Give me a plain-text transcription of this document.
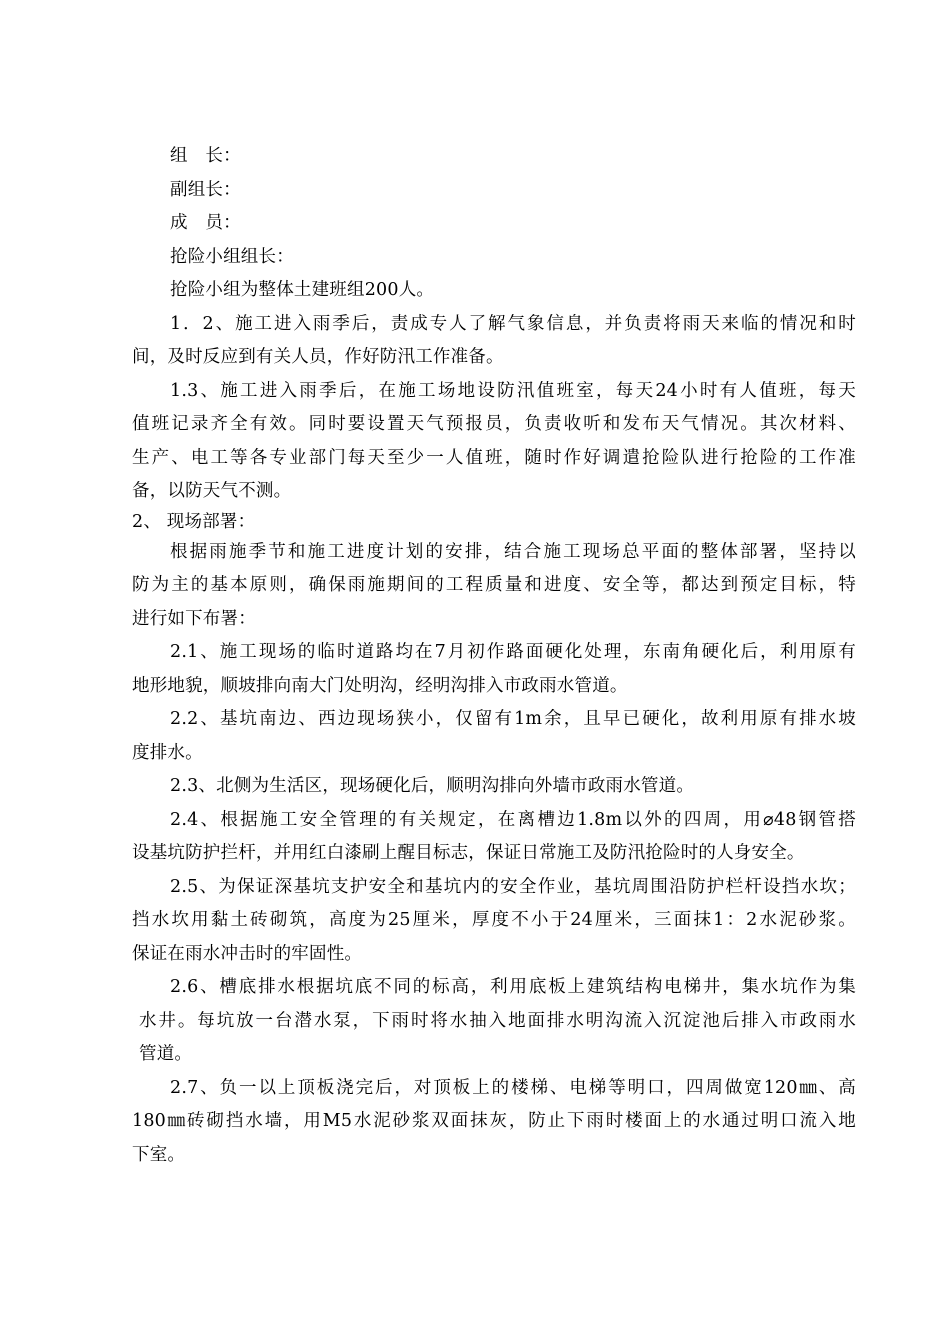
组　长：
副组长：
成　员：
抢险小组组长：
抢险小组为整体土建班组200人。
1．2、施工进入雨季后，责成专人了解气象信息，并负责将雨天来临的情况和时
间，及时反应到有关人员，作好防汛工作准备。
1.3、施工进入雨季后，在施工场地设防汛值班室，每天24小时有人值班，每天
值班记录齐全有效。同时要设置天气预报员，负责收听和发布天气情况。其次材料、
生产、电工等各专业部门每天至少一人值班，随时作好调遣抢险队进行抢险的工作准
备，以防天气不测。
2、 现场部署：
根据雨施季节和施工进度计划的安排，结合施工现场总平面的整体部署，坚持以
防为主的基本原则，确保雨施期间的工程质量和进度、安全等，都达到预定目标，特
进行如下布署：
2.1、施工现场的临时道路均在7月初作路面硬化处理，东南角硬化后，利用原有
地形地貌，顺坡排向南大门处明沟，经明沟排入市政雨水管道。
2.2、基坑南边、西边现场狭小，仅留有1m余，且早已硬化，故利用原有排水坡
度排水。
2.3、北侧为生活区，现场硬化后，顺明沟排向外墙市政雨水管道。
2.4、根据施工安全管理的有关规定，在离槽边1.8m以外的四周，用⌀48钢管搭
设基坑防护拦杆，并用红白漆刷上醒目标志，保证日常施工及防汛抢险时的人身安全。
2.5、为保证深基坑支护安全和基坑内的安全作业，基坑周围沿防护栏杆设挡水坎；
挡水坎用黏土砖砌筑，高度为25厘米，厚度不小于24厘米，三面抹1：2水泥砂浆。
保证在雨水冲击时的牢固性。
2.6、槽底排水根据坑底不同的标高，利用底板上建筑结构电梯井，集水坑作为集
水井。每坑放一台潜水泵，下雨时将水抽入地面排水明沟流入沉淀池后排入市政雨水
管道。
2.7、负一以上顶板浇完后，对顶板上的楼梯、电梯等明口，四周做宽120㎜、高
180㎜砖砌挡水墙，用M5水泥砂浆双面抹灰，防止下雨时楼面上的水通过明口流入地
下室。
